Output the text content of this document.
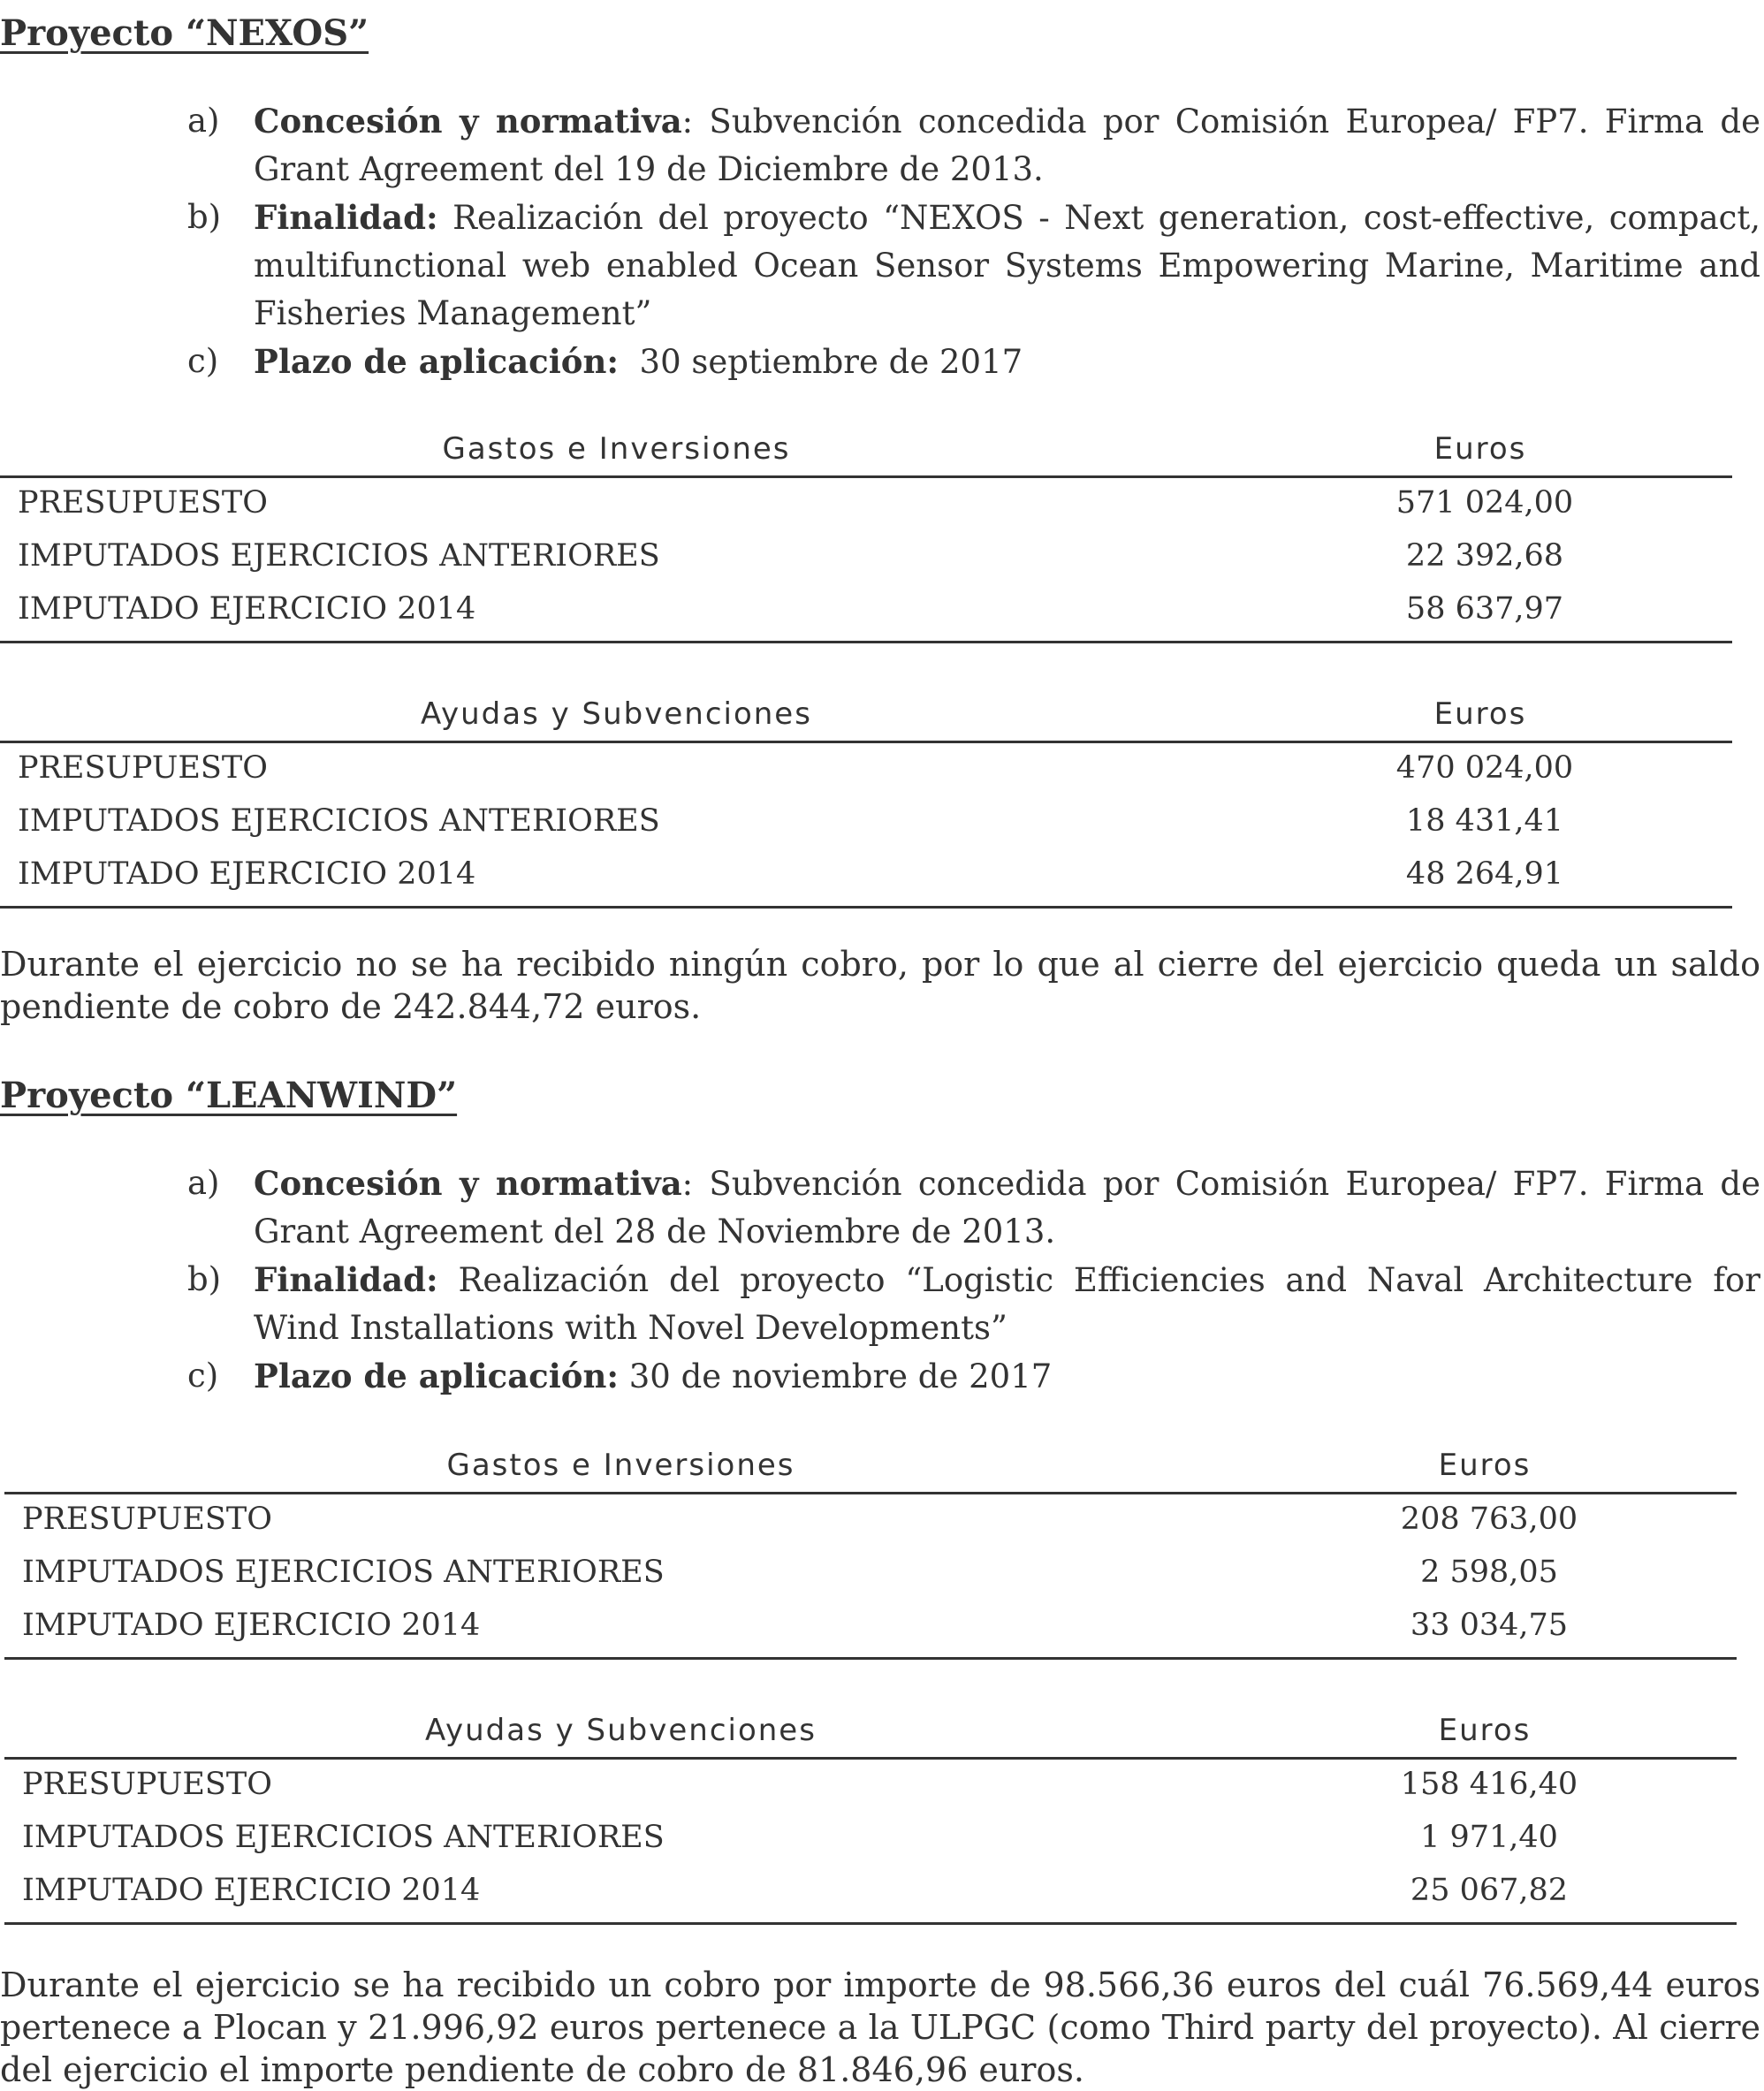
Proyecto “NEXOS”
a) Concesión y normativa: Subvención concedida por Comisión Europea/ FP7. Firma de Grant Agreement del 19 de Diciembre de 2013.
b) Finalidad: Realización del proyecto “NEXOS - Next generation, cost-effective, compact, multifunctional web enabled Ocean Sensor Systems Empowering Marine, Maritime and Fisheries Management”
c) Plazo de aplicación:  30 septiembre de 2017
Gastos e Inversiones	Euros
PRESUPUESTO	571 024,00
IMPUTADOS EJERCICIOS ANTERIORES	22 392,68
IMPUTADO EJERCICIO 2014	58 637,97
Ayudas y Subvenciones	Euros
PRESUPUESTO	470 024,00
IMPUTADOS EJERCICIOS ANTERIORES	18 431,41
IMPUTADO EJERCICIO 2014	48 264,91

Durante el ejercicio no se ha recibido ningún cobro, por lo que al cierre del ejercicio queda un saldo pendiente de cobro de 242.844,72 euros.

Proyecto “LEANWIND”
a) Concesión y normativa: Subvención concedida por Comisión Europea/ FP7. Firma de Grant Agreement del 28 de Noviembre de 2013.
b) Finalidad: Realización del proyecto “Logistic Efficiencies and Naval Architecture for Wind Installations with Novel Developments”
c) Plazo de aplicación: 30 de noviembre de 2017
Gastos e Inversiones	Euros
PRESUPUESTO	208 763,00
IMPUTADOS EJERCICIOS ANTERIORES	2 598,05
IMPUTADO EJERCICIO 2014	33 034,75
Ayudas y Subvenciones	Euros
PRESUPUESTO	158 416,40
IMPUTADOS EJERCICIOS ANTERIORES	1 971,40
IMPUTADO EJERCICIO 2014	25 067,82

Durante el ejercicio se ha recibido un cobro por importe de 98.566,36 euros del cuál 76.569,44 euros pertenece a Plocan y 21.996,92 euros pertenece a la ULPGC (como Third party del proyecto). Al cierre del ejercicio el importe pendiente de cobro de 81.846,96 euros.
